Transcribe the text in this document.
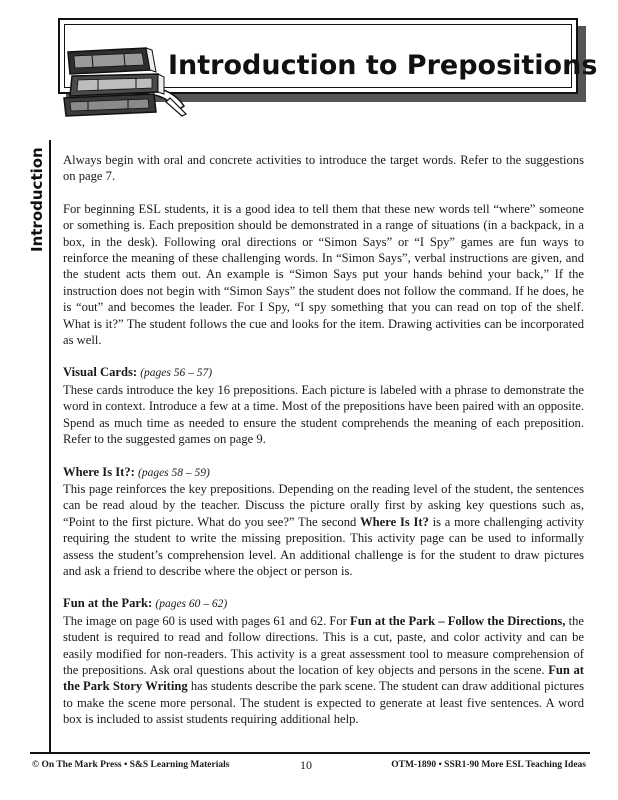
Introduction to Prepositions
Introduction Always begin with oral and concrete activities to introduce the target words. Refer to the suggestions on page 7.

For beginning ESL students, it is a good idea to tell them that these new words tell “where” someone or something is. Each preposition should be demonstrated in a range of situations (in a backpack, in a box, in the desk). Following oral directions or “Simon Says” or “I Spy” games are fun ways to reinforce the meaning of these challenging words. In “Simon Says”, verbal instructions are given, and the student acts them out. An example is “Simon Says put your hands behind your back,” If the instruction does not begin with “Simon Says” the student does not follow the command. If he does, he is “out” and becomes the leader. For I Spy, “I spy something that you can read on top of the shelf. What is it?” The student follows the cue and looks for the item. Drawing activities can be incorporated as well.

Visual Cards: (pages 56 – 57)

These cards introduce the key 16 prepositions. Each picture is labeled with a phrase to demonstrate the word in context. Introduce a few at a time. Most of the prepositions have been paired with an opposite. Spend as much time as needed to ensure the student comprehends the meaning of each preposition. Refer to the suggested games on page 9.

Where Is It?: (pages 58 – 59)

This page reinforces the key prepositions. Depending on the reading level of the student, the sentences can be read aloud by the teacher. Discuss the picture orally first by asking key questions such as, “Point to the first picture. What do you see?” The second Where Is It? is a more challenging activity requiring the student to write the missing preposition. This activity page can be used to informally assess the student’s comprehension level. An additional challenge is for the student to draw pictures and ask a friend to describe where the object or person is.

Fun at the Park: (pages 60 – 62)

The image on page 60 is used with pages 61 and 62. For Fun at the Park – Follow the Directions, the student is required to read and follow directions. This is a cut, paste, and color activity and can be easily modified for non-readers. This activity is a great assessment tool to measure comprehension of the prepositions. Ask oral questions about the location of key objects and persons in the scene. Fun at the Park Story Writing has students describe the park scene. The student can draw additional pictures to make the scene more personal. The student is expected to generate at least five sentences. A word box is included to assist students requiring additional help.

© On The Mark Press • S&S Learning Materials	10	OTM-1890 • SSR1-90 More ESL Teaching Ideas
